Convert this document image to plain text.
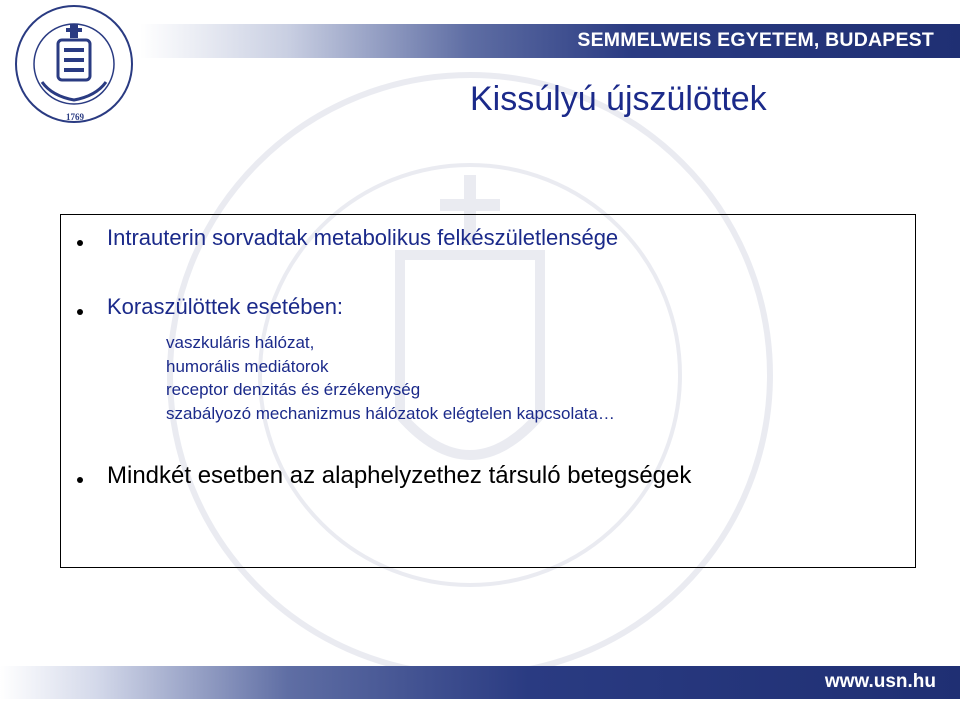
SEMMELWEIS EGYETEM, BUDAPEST
1769	Kissúlyú újszülöttek
Intrauterin sorvadtak metabolikus felkészületlensége
Koraszülöttek esetében:
vaszkuláris hálózat,
humorális mediátorok
receptor denzitás és érzékenység
szabályozó mechanizmus hálózatok elégtelen kapcsolata…
Mindkét esetben az alaphelyzethez társuló betegségek
www.usn.hu
